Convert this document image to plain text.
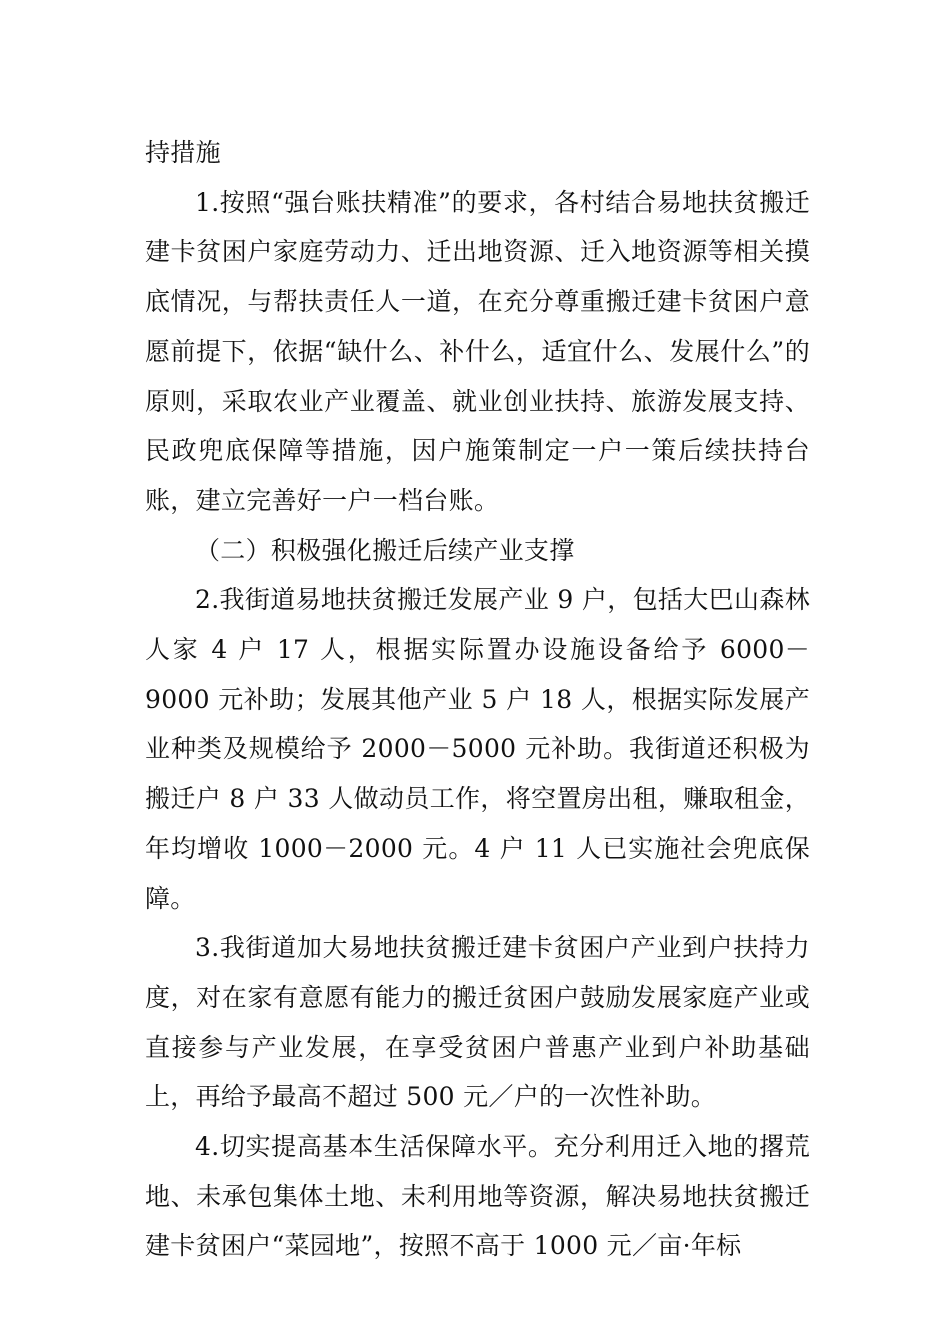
持措施

1.按照“强台账扶精准”的要求，各村结合易地扶贫搬迁建卡贫困户家庭劳动力、迁出地资源、迁入地资源等相关摸底情况，与帮扶责任人一道，在充分尊重搬迁建卡贫困户意愿前提下，依据“缺什么、补什么，适宜什么、发展什么”的原则，采取农业产业覆盖、就业创业扶持、旅游发展支持、民政兜底保障等措施，因户施策制定一户一策后续扶持台账，建立完善好一户一档台账。

（二）积极强化搬迁后续产业支撑

2.我街道易地扶贫搬迁发展产业 9 户，包括大巴山森林人家 4 户 17 人，根据实际置办设施设备给予 6000－9000 元补助；发展其他产业 5 户 18 人，根据实际发展产业种类及规模给予 2000－5000 元补助。我街道还积极为搬迁户 8 户 33 人做动员工作，将空置房出租，赚取租金，年均增收 1000－2000 元。4 户 11 人已实施社会兜底保障。

3.我街道加大易地扶贫搬迁建卡贫困户产业到户扶持力度，对在家有意愿有能力的搬迁贫困户鼓励发展家庭产业或直接参与产业发展，在享受贫困户普惠产业到户补助基础上，再给予最高不超过 500 元／户的一次性补助。

4.切实提高基本生活保障水平。充分利用迁入地的撂荒地、未承包集体土地、未利用地等资源，解决易地扶贫搬迁建卡贫困户“菜园地”，按照不高于 1000 元／亩·年标
